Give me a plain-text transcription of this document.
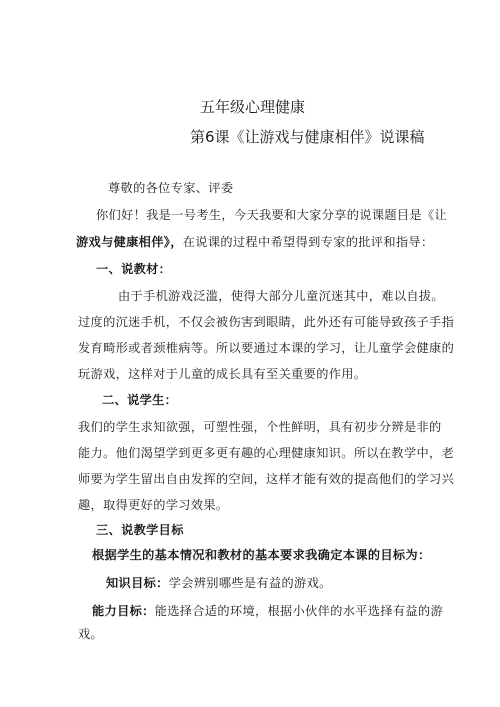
五年级心理健康

第6课《让游戏与健康相伴》说课稿

尊敬的各位专家、评委

你们好！我是一号考生，今天我要和大家分享的说课题目是《让

游戏与健康相伴》，在说课的过程中希望得到专家的批评和指导：

一、说教材：

由于手机游戏泛滥，使得大部分儿童沉迷其中，难以自拔。

过度的沉迷手机，不仅会被伤害到眼睛，此外还有可能导致孩子手指

发育畸形或者颈椎病等。所以要通过本课的学习，让儿童学会健康的

玩游戏，这样对于儿童的成长具有至关重要的作用。

二、说学生：

我们的学生求知欲强，可塑性强，个性鲜明，具有初步分辨是非的

能力。他们渴望学到更多更有趣的心理健康知识。所以在教学中，老

师要为学生留出自由发挥的空间，这样才能有效的提高他们的学习兴

趣，取得更好的学习效果。

三、说教学目标

根据学生的基本情况和教材的基本要求我确定本课的目标为：

知识目标：学会辨别哪些是有益的游戏。

能力目标：能选择合适的环境，根据小伙伴的水平选择有益的游

戏。
